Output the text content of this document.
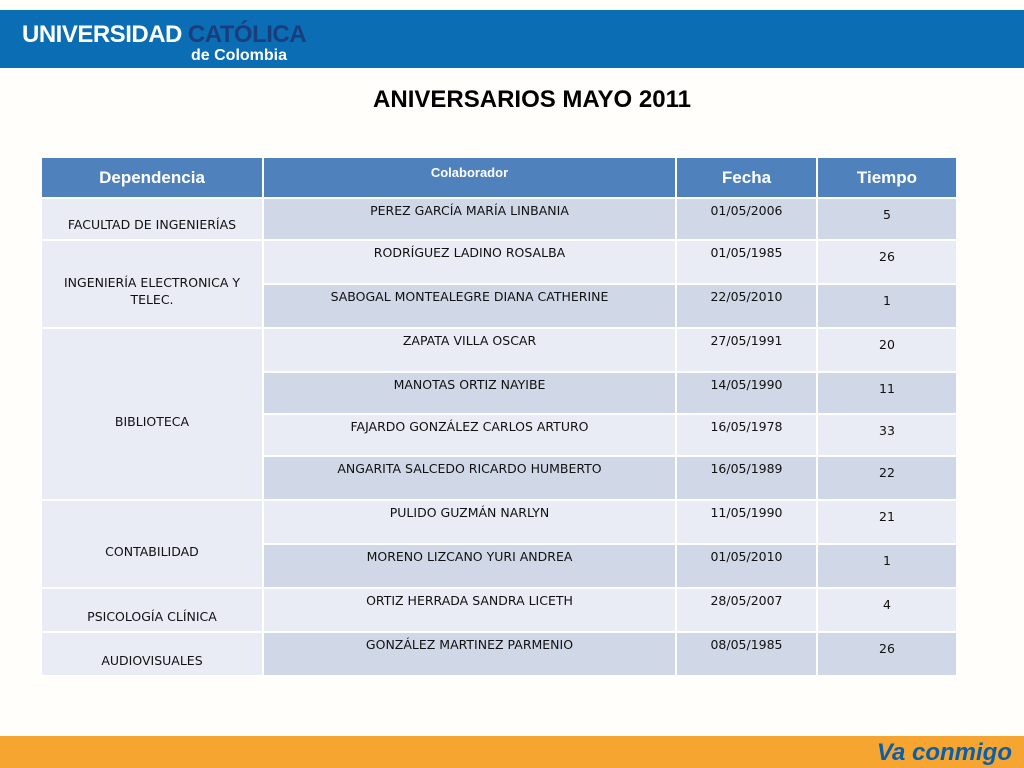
UNIVERSIDAD CATÓLICA
de Colombia
ANIVERSARIOS MAYO 2011
Dependencia	Colaborador	Fecha	Tiempo
FACULTAD DE INGENIERÍAS	PEREZ GARCÍA MARÍA LINBANIA	01/05/2006	5
INGENIERÍA ELECTRONICA Y TELEC.	RODRÍGUEZ LADINO ROSALBA	01/05/1985	26
	SABOGAL MONTEALEGRE DIANA CATHERINE	22/05/2010	1
BIBLIOTECA	ZAPATA VILLA OSCAR	27/05/1991	20
	MANOTAS ORTIZ NAYIBE	14/05/1990	11
	FAJARDO GONZÁLEZ CARLOS ARTURO	16/05/1978	33
	ANGARITA SALCEDO RICARDO HUMBERTO	16/05/1989	22
CONTABILIDAD	PULIDO GUZMÁN NARLYN	11/05/1990	21
	MORENO LIZCANO YURI ANDREA	01/05/2010	1
PSICOLOGÍA CLÍNICA	ORTIZ HERRADA SANDRA LICETH	28/05/2007	4
AUDIOVISUALES	GONZÁLEZ MARTINEZ PARMENIO	08/05/1985	26
Va conmigo
